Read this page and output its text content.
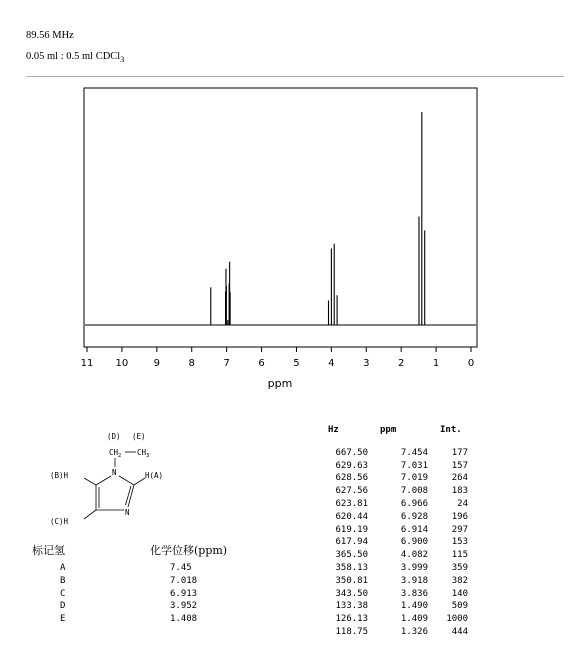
89.56 MHz
0.05 ml : 0.5 ml CDCl$_3$
11 10	9	8	7	6	5	4	3	2	1	0
ppm
(D) (E)
$CH_2$ $CH_3$
N
N
(B)H	H(A)
(C)H
标记氢	化学位移(ppm)
A	7.45
B	7.018
C	6.913
D	3.952
E	1.408
Hz	ppm	Int.
667.50	7.454	177
629.63	7.031	157
628.56	7.019	264
627.56	7.008	183
623.81	6.966	24
620.44	6.928	196
619.19	6.914	297
617.94	6.900	153
365.50	4.082	115
358.13	3.999	359
350.81	3.918	382
343.50	3.836	140
133.38	1.490	509
126.13	1.409 1000
118.75	1.326	444
